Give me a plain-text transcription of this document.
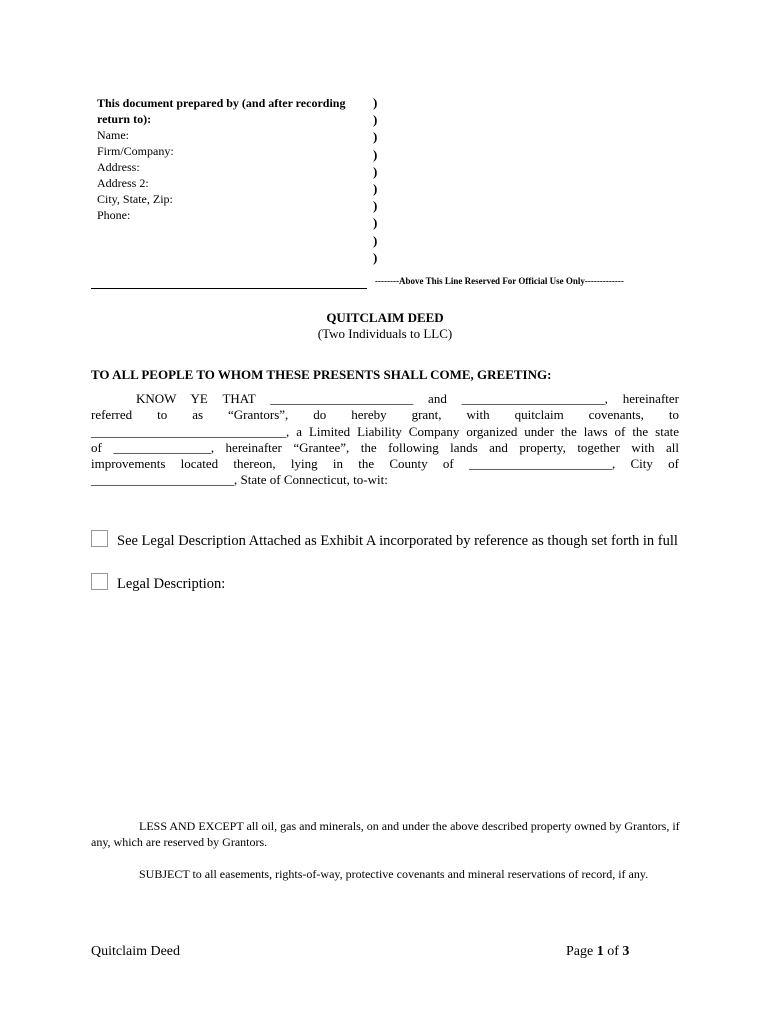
This document prepared by (and after recording
return to):
Name:
Firm/Company:
Address:
Address 2:
City, State, Zip:
Phone:
)
)
)
)
)
)
)
)
)
)
--------Above This Line Reserved For Official Use Only-------------
QUITCLAIM DEED
(Two Individuals to LLC)
TO ALL PEOPLE TO WHOM THESE PRESENTS SHALL COME, GREETING:
KNOW YE THAT ______________________ and ______________________, hereinafter
referred to as “Grantors”, do hereby grant, with quitclaim covenants, to
______________________________, a Limited Liability Company organized under the laws of the state
of _______________, hereinafter “Grantee”, the following lands and property, together with all
improvements located thereon, lying in the County of ______________________, City of
______________________, State of Connecticut, to-wit:
See Legal Description Attached as Exhibit A incorporated by reference as though set forth in full
Legal Description:
LESS AND EXCEPT all oil, gas and minerals, on and under the above described property owned by Grantors, if any, which are reserved by Grantors.
SUBJECT to all easements, rights-of-way, protective covenants and mineral reservations of record, if any.
Quitclaim Deed	Page 1 of 3
